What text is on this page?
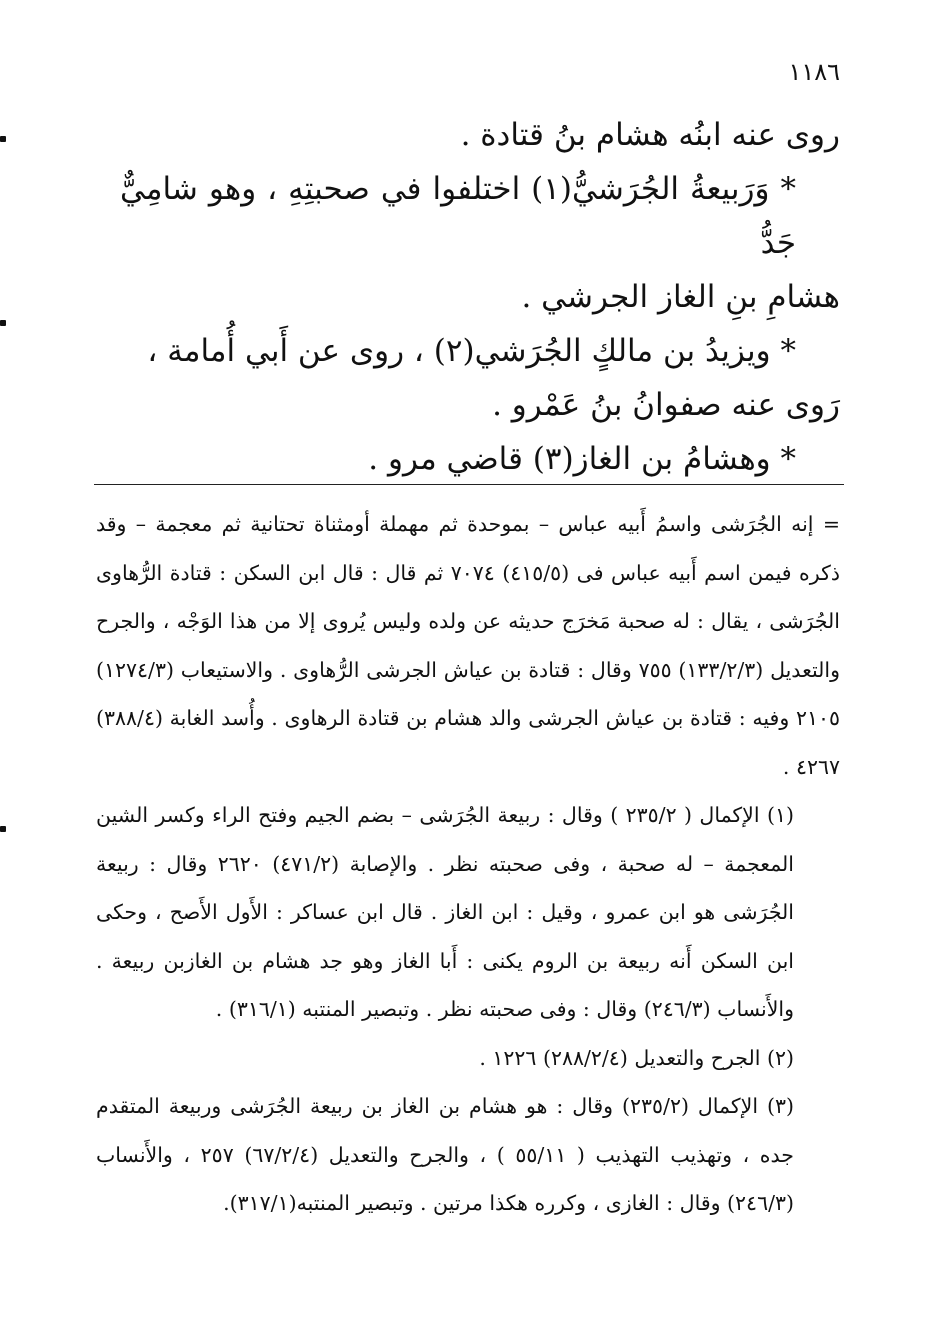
١١٨٦

روى عنه ابنُه هشام بنُ قتادة .

* وَرَبيعةُ الجُرَشيُّ(١) اختلفوا في صحبتِهِ ، وهو شامِيٌّ جَدُّ

هشامِ بنِ الغاز الجرشي .

* ويزيدُ بن مالكٍ الجُرَشي(٢) ، روى عن أَبي أُمامة ،

رَوى عنه صفوانُ بنُ عَمْرو .

* وهشامُ بن الغاز(٣) قاضي مرو .

= إنه الجُرَشى واسمُ أَبيه عباس – بموحدة ثم مهملة أومثناة تحتانية ثم معجمة – وقد ذكره فيمن اسم أَبيه عباس فى (٤١٥/٥) ٧٠٧٤ ثم قال : قال ابن السكن : قتادة الرُّهاوى الجُرَشى ، يقال : له صحبة مَخرَج حديثه عن ولده وليس يُروى إلا من هذا الوَجْه ، والجرح والتعديل (١٣٣/٢/٣) ٧٥٥ وقال : قتادة بن عياش الجرشى الرُّهاوى . والاستيعاب (١٢٧٤/٣) ٢١٠٥ وفيه : قتادة بن عياش الجرشى والد هشام بن قتادة الرهاوى . وأُسد الغابة (٣٨٨/٤) ٤٢٦٧ .

(١) الإكمال ( ٢٣٥/٢ ) وقال : ربيعة الجُرَشى – بضم الجيم وفتح الراء وكسر الشين المعجمة – له صحبة ، وفى صحبته نظر . والإصابة (٤٧١/٢) ٢٦٢٠ وقال : ربيعة الجُرَشى هو ابن عمرو ، وقيل : ابن الغاز . قال ابن عساكر : الأَول الأَصح ، وحكى ابن السكن أَنه ربيعة بن الروم يكنى : أَبا الغاز وهو جد هشام بن الغازبن ربيعة . والأَنساب (٢٤٦/٣) وقال : وفى صحبته نظر . وتبصير المنتبه (٣١٦/١) .

(٢) الجرح والتعديل (٢٨٨/٢/٤) ١٢٢٦ .

(٣) الإكمال (٢٣٥/٢) وقال : هو هشام بن الغاز بن ربيعة الجُرَشى وربيعة المتقدم جده ، وتهذيب التهذيب ( ٥٥/١١ ) ، والجرح والتعديل (٦٧/٢/٤) ٢٥٧ ، والأَنساب (٢٤٦/٣) وقال : الغازى ، وكرره هكذا مرتين . وتبصير المنتبه(٣١٧/١).
